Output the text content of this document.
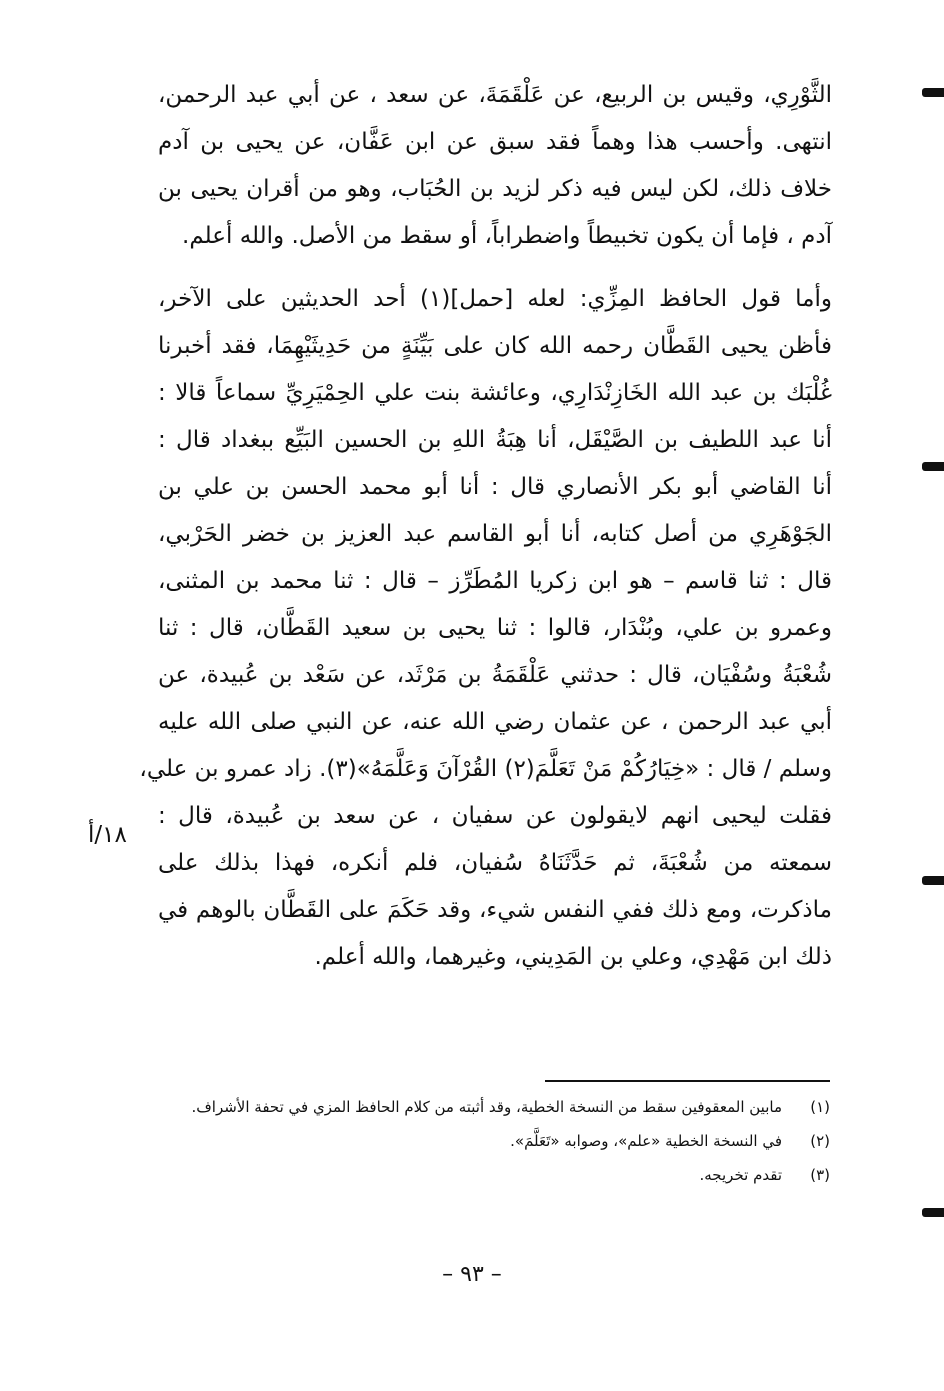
الثَّوْرِي، وقيس بن الربيع، عن عَلْقَمَةَ، عن سعد ، عن أبي عبد الرحمن،
انتهى. وأحسب هذا وهماً فقد سبق عن ابن عَفَّان، عن يحيى بن آدم
خلاف ذلك، لكن ليس فيه ذكر لزيد بن الحُبَاب، وهو من أقران يحيى بن
آدم ، فإما أن يكون تخبيطاً واضطراباً، أو سقط من الأصل. والله أعلم.
وأما قول الحافظ المِزِّي: لعله [حمل](١) أحد الحديثين على الآخر،
فأظن يحيى القَطَّان رحمه الله كان على بَيِّنَةٍ من حَدِيثَيْهِمَا، فقد أخبرنا
غُلْبَك بن عبد الله الخَازِنْدَارِي، وعائشة بنت علي الحِمْيَرِيِّ سماعاً قالا :
أنا عبد اللطيف بن الصَّيْقَل، أنا هِبَةُ اللهِ بن الحسين البَيِّع ببغداد قال :
أنا القاضي أبو بكر الأنصاري قال : أنا أبو محمد الحسن بن علي بن
الجَوْهَرِي من أصل كتابه، أنا أبو القاسم عبد العزيز بن خضر الحَرْبي،
قال : ثنا قاسم – هو ابن زكريا المُطَرِّز – قال : ثنا محمد بن المثنى،
وعمرو بن علي، وبُنْدَار، قالوا : ثنا يحيى بن سعيد القَطَّان، قال : ثنا
شُعْبَةُ وسُفْيَان، قال : حدثني عَلْقَمَةُ بن مَرْثَد، عن سَعْد بن عُبيدة، عن
أبي عبد الرحمن ، عن عثمان رضي الله عنه، عن النبي صلى الله عليه
وسلم / قال : «خِيَارُكُمْ مَنْ تَعَلَّمَ(٢) القُرْآنَ وَعَلَّمَهُ»(٣). زاد عمرو بن علي،
فقلت ليحيى انهم لايقولون عن سفيان ، عن سعد بن عُبيدة، قال :
سمعته من شُعْبَةَ، ثم حَدَّثَنَاهُ سُفيان، فلم أنكره، فهذا بذلك على
ماذكرت، ومع ذلك ففي النفس شيء، وقد حَكَمَ على القَطَّان بالوهم في
ذلك ابن مَهْدِي، وعلي بن المَدِيني، وغيرهما، والله أعلم.
١٨/أ
(١)
مابين المعقوفين سقط من النسخة الخطية، وقد أثبته من كلام الحافظ المزي في تحفة الأشراف.
(٢)
في النسخة الخطية «علم»، وصوابه «تَعَلَّمَ».
(٣)
تقدم تخريجه.
– ٩٣ –
